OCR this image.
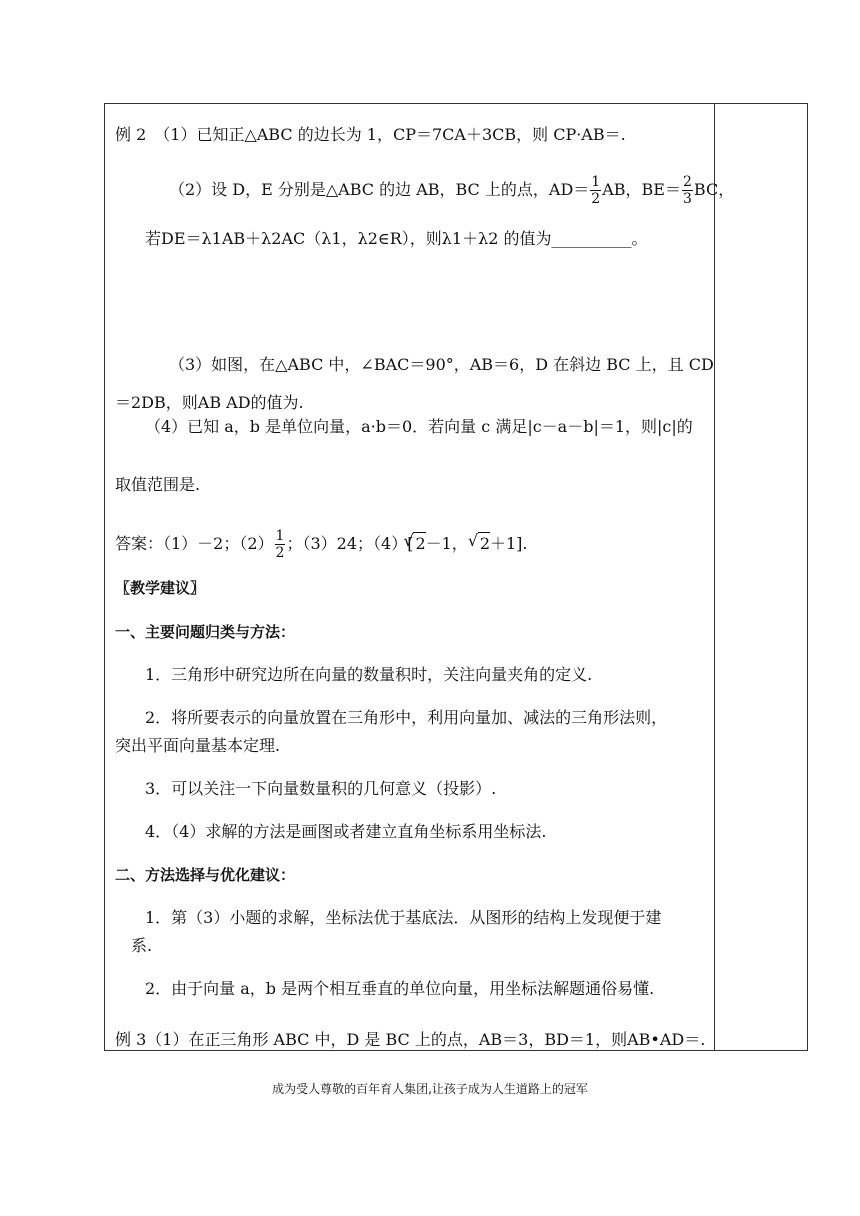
例 2　（1）已知正△ABC 的边长为 1，CP＝7CA＋3CB，则 CP·AB＝.
（2）设 D，E 分别是△ABC 的边 AB，BC 上的点，$AD= \frac{1}{2}$ AB，$BE= \frac{2}{3}$ BC，
若DE＝λ1AB＋λ2AC（λ1，λ2∈R），则λ1＋λ2 的值为__________。
（3）如图，在△ABC 中，∠BAC＝90°，AB＝6，D 在斜边 BC 上，且 CD
＝2DB，则AB AD的值为.
（4）已知 a，b 是单位向量，a·b＝0．若向量 c 满足|c－a－b|＝1，则|c|的
取值范围是.
答案：（1）－2；$(2) \frac{1}{2}$ ；（3）24；（4）[ √ 2－1， √ 2＋1].
〖教学建议〗
一、主要问题归类与方法：
1．三角形中研究边所在向量的数量积时，关注向量夹角的定义.
2．将所要表示的向量放置在三角形中，利用向量加、减法的三角形法则，
突出平面向量基本定理.
3．可以关注一下向量数量积的几何意义（投影）.
4．（4）求解的方法是画图或者建立直角坐标系用坐标法.
二、方法选择与优化建议：
1．第（3）小题的求解，坐标法优于基底法．从图形的结构上发现便于建
系.
2．由于向量 a，b 是两个相互垂直的单位向量，用坐标法解题通俗易懂.
例 3（1）在正三角形 ABC 中，D 是 BC 上的点，AB＝3，BD＝1，则AB•AD＝.
成为受人尊敬的百年育人集团,让孩子成为人生道路上的冠军
